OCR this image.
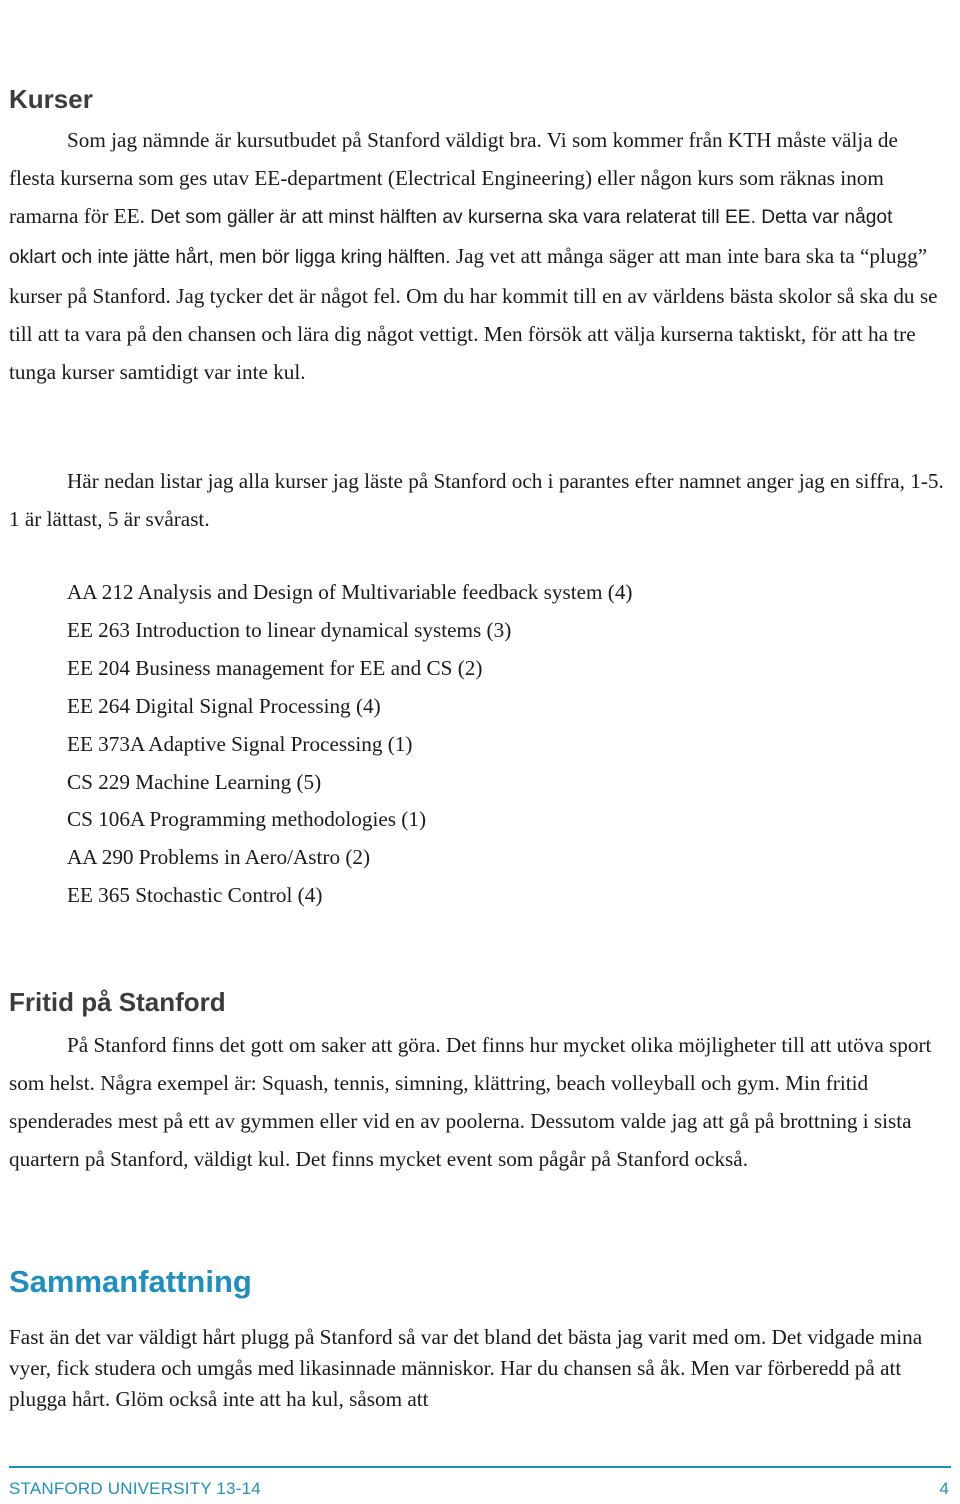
Kurser

Som jag nämnde är kursutbudet på Stanford väldigt bra. Vi som kommer från KTH måste välja de flesta kurserna som ges utav EE-department (Electrical Engineering) eller någon kurs som räknas inom ramarna för EE. Det som gäller är att minst hälften av kurserna ska vara relaterat till EE. Detta var något oklart och inte jätte hårt, men bör ligga kring hälften. Jag vet att många säger att man inte bara ska ta “plugg” kurser på Stanford. Jag tycker det är något fel. Om du har kommit till en av världens bästa skolor så ska du se till att ta vara på den chansen och lära dig något vettigt. Men försök att välja kurserna taktiskt, för att ha tre tunga kurser samtidigt var inte kul.

Här nedan listar jag alla kurser jag läste på Stanford och i parantes efter namnet anger jag en siffra, 1-5. 1 är lättast, 5 är svårast.

AA 212 Analysis and Design of Multivariable feedback system (4)
EE 263 Introduction to linear dynamical systems (3)
EE 204 Business management for EE and CS (2)
EE 264 Digital Signal Processing (4)
EE 373A Adaptive Signal Processing (1)
CS 229 Machine Learning (5)
CS 106A Programming methodologies (1)
AA 290 Problems in Aero/Astro (2)
EE 365 Stochastic Control (4)
Fritid på Stanford

På Stanford finns det gott om saker att göra. Det finns hur mycket olika möjligheter till att utöva sport som helst. Några exempel är: Squash, tennis, simning, klättring, beach volleyball och gym. Min fritid spenderades mest på ett av gymmen eller vid en av poolerna. Dessutom valde jag att gå på brottning i sista quartern på Stanford, väldigt kul. Det finns mycket event som pågår på Stanford också.

Sammanfattning

Fast än det var väldigt hårt plugg på Stanford så var det bland det bästa jag varit med om. Det vidgade mina vyer, fick studera och umgås med likasinnade människor. Har du chansen så åk. Men var förberedd på att plugga hårt. Glöm också inte att ha kul, såsom att

STANFORD UNIVERSITY 13-14	4
